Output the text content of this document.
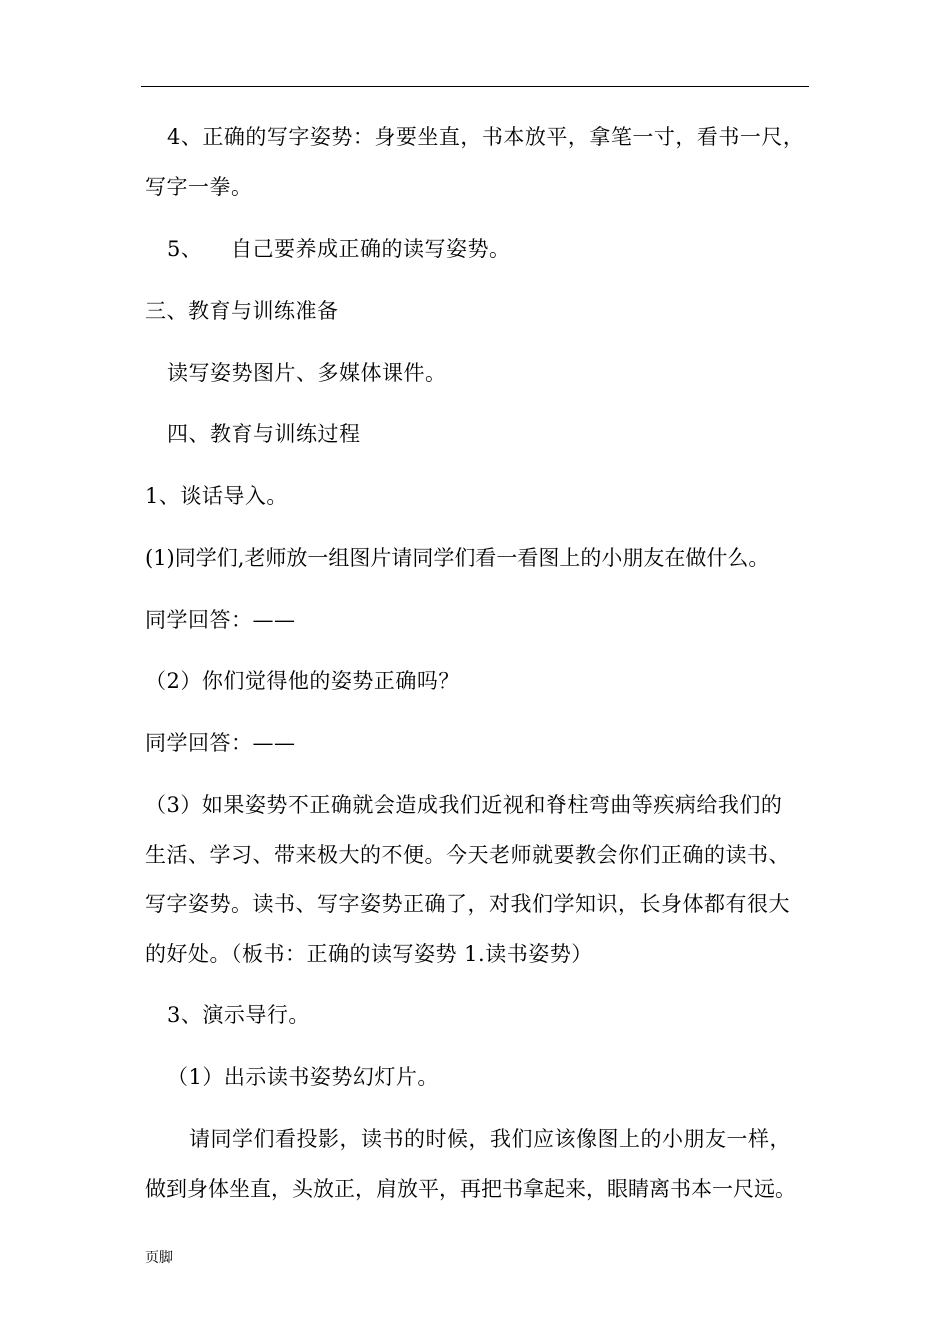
4、正确的写字姿势：身要坐直，书本放平，拿笔一寸，看书一尺，
写字一拳。
5、    自己要养成正确的读写姿势。
三、教育与训练准备
读写姿势图片、多媒体课件。
四、教育与训练过程
1、谈话导入。
(1)同学们,老师放一组图片请同学们看一看图上的小朋友在做什么。
同学回答：——
（2）你们觉得他的姿势正确吗？
同学回答：——
（3）如果姿势不正确就会造成我们近视和脊柱弯曲等疾病给我们的
生活、学习、带来极大的不便。今天老师就要教会你们正确的读书、
写字姿势。读书、写字姿势正确了，对我们学知识，长身体都有很大
的好处。（板书：正确的读写姿势 1.读书姿势）
3、演示导行。
（1）出示读书姿势幻灯片。
请同学们看投影，读书的时候，我们应该像图上的小朋友一样，
做到身体坐直，头放正，肩放平，再把书拿起来，眼睛离书本一尺远。
页脚
